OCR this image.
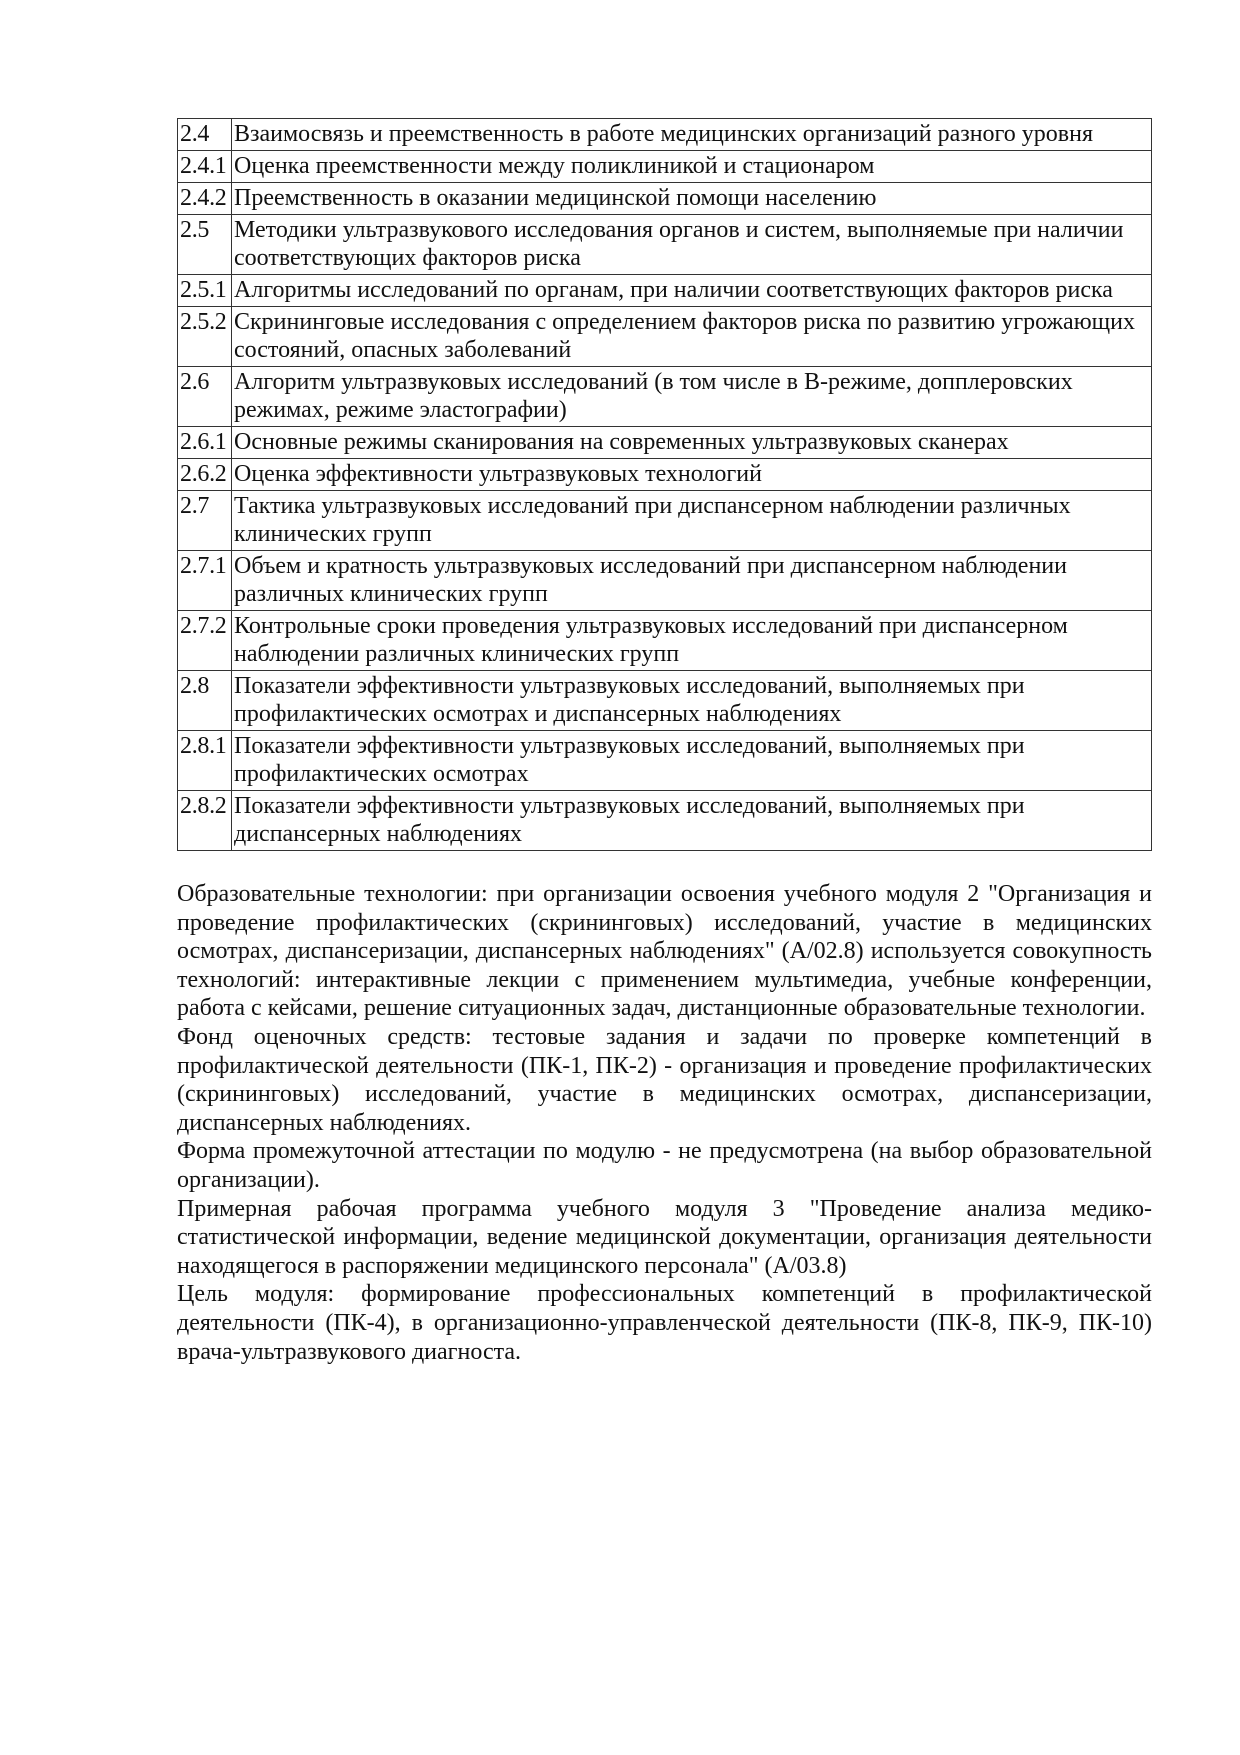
2.4	Взаимосвязь и преемственность в работе медицинских организаций разного уровня
2.4.1	Оценка преемственности между поликлиникой и стационаром
2.4.2	Преемственность в оказании медицинской помощи населению
2.5	Методики ультразвукового исследования органов и систем, выполняемые при наличии соответствующих факторов риска
2.5.1	Алгоритмы исследований по органам, при наличии соответствующих факторов риска
2.5.2	Скрининговые исследования с определением факторов риска по развитию угрожающих состояний, опасных заболеваний
2.6	Алгоритм ультразвуковых исследований (в том числе в В-режиме, допплеровских режимах, режиме эластографии)
2.6.1	Основные режимы сканирования на современных ультразвуковых сканерах
2.6.2	Оценка эффективности ультразвуковых технологий
2.7	Тактика ультразвуковых исследований при диспансерном наблюдении различных клинических групп
2.7.1	Объем и кратность ультразвуковых исследований при диспансерном наблюдении различных клинических групп
2.7.2	Контрольные сроки проведения ультразвуковых исследований при диспансерном наблюдении различных клинических групп
2.8	Показатели эффективности ультразвуковых исследований, выполняемых при профилактических осмотрах и диспансерных наблюдениях
2.8.1	Показатели эффективности ультразвуковых исследований, выполняемых при профилактических осмотрах
2.8.2	Показатели эффективности ультразвуковых исследований, выполняемых при диспансерных наблюдениях

Образовательные технологии: при организации освоения учебного модуля 2 "Организация и проведение профилактических (скрининговых) исследований, участие в медицинских осмотрах, диспансеризации, диспансерных наблюдениях" (А/02.8) используется совокупность технологий: интерактивные лекции с применением мультимедиа, учебные конференции, работа с кейсами, решение ситуационных задач, дистанционные образовательные технологии.

Фонд оценочных средств: тестовые задания и задачи по проверке компетенций в профилактической деятельности (ПК-1, ПК-2) - организация и проведение профилактических (скрининговых) исследований, участие в медицинских осмотрах, диспансеризации, диспансерных наблюдениях.

Форма промежуточной аттестации по модулю - не предусмотрена (на выбор образовательной организации).

Примерная рабочая программа учебного модуля 3 "Проведение анализа медико-статистической информации, ведение медицинской документации, организация деятельности находящегося в распоряжении медицинского персонала" (А/03.8)

Цель модуля: формирование профессиональных компетенций в профилактической деятельности (ПК-4), в организационно-управленческой деятельности (ПК-8, ПК-9, ПК-10) врача-ультразвукового диагноста.
